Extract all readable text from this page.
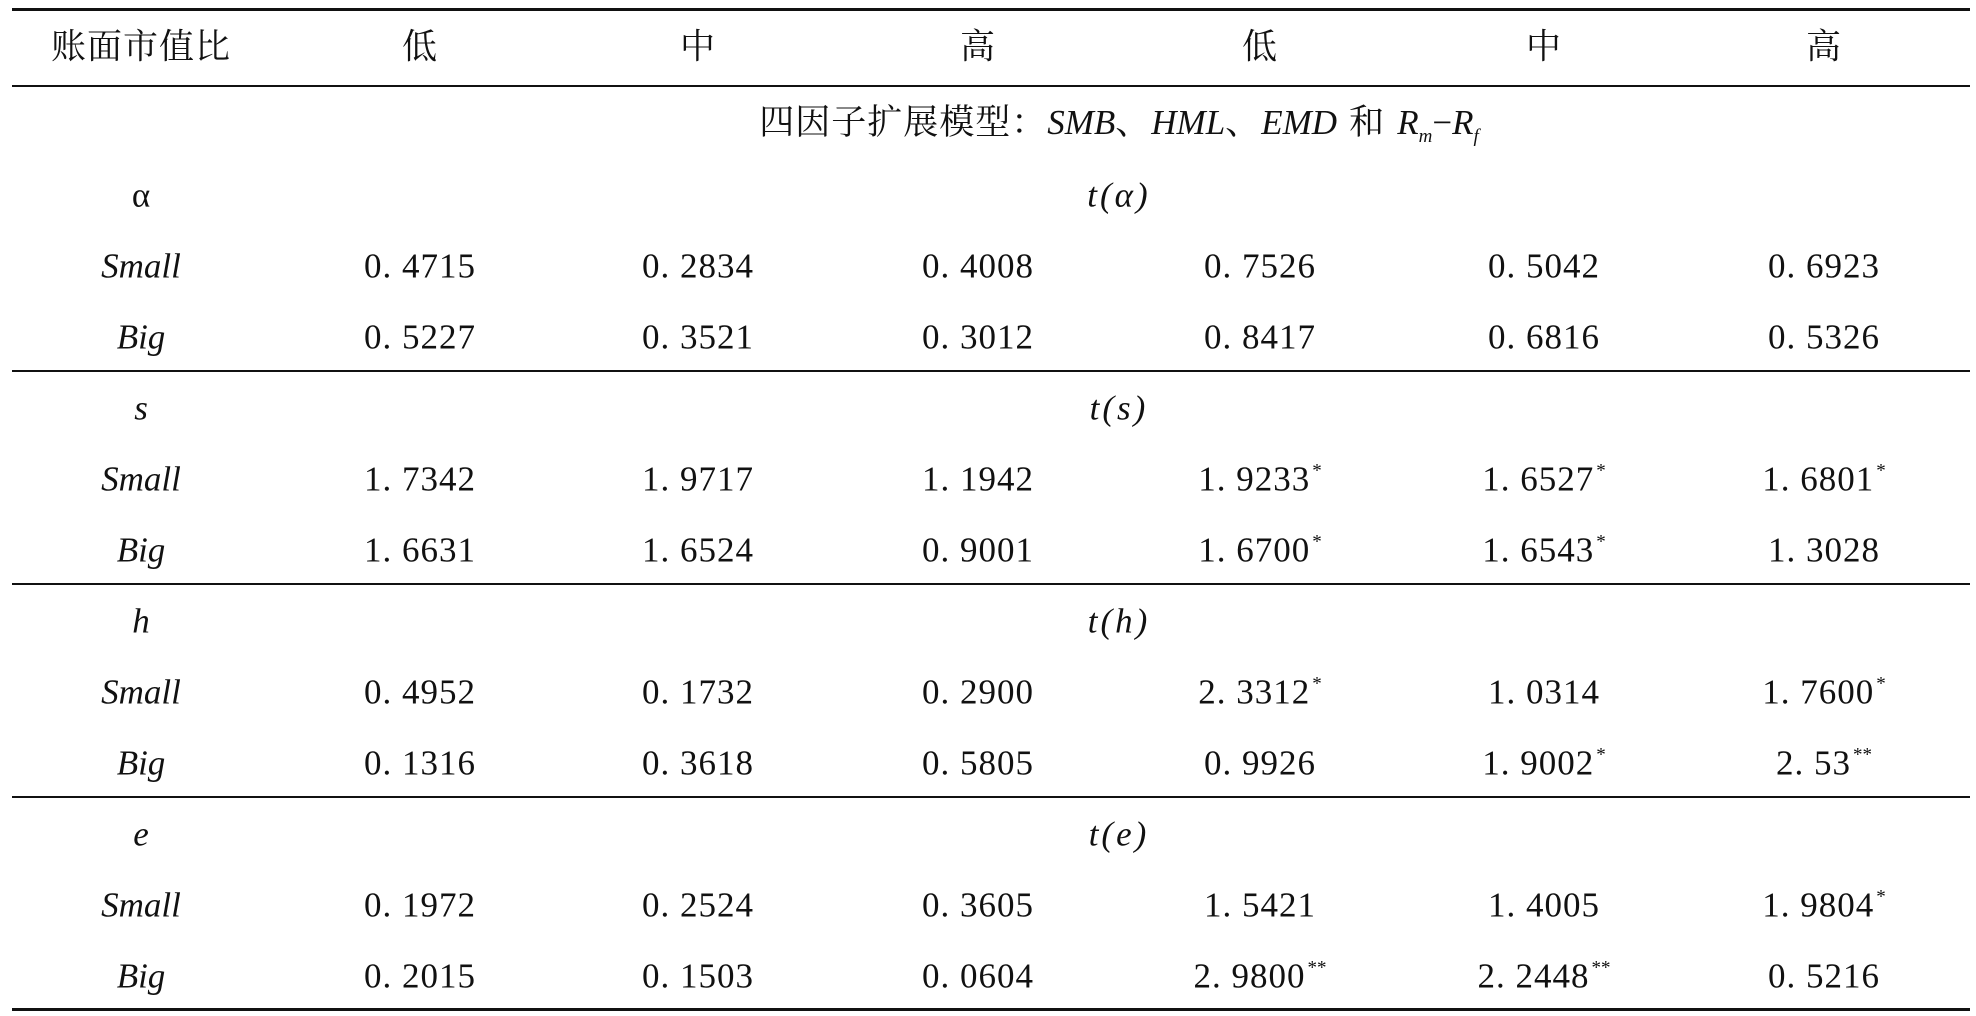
账面市值比	低	中	高	低	中	高
四因子扩展模型：SMB、HML、EMD 和 $R_m-R_f$
α	t(α)
Small	0. 4715	0. 2834	0. 4008	0. 7526	0. 5042	0. 6923
Big	0. 5227	0. 3521	0. 3012	0. 8417	0. 6816	0. 5326
s	t(s)
Small	1. 7342	1. 9717	1. 1942	1. 9233 *	1. 6527 *	1. 6801 *
Big	1. 6631	1. 6524	0. 9001	1. 6700 *	1. 6543 *	1. 3028
h	t(h)
Small	0. 4952	0. 1732	0. 2900	2. 3312 *	1. 0314	1. 7600 *
Big	0. 1316	0. 3618	0. 5805	0. 9926	1. 9002 *	2. 53 **
e	t(e)
Small	0. 1972	0. 2524	0. 3605	1. 5421	1. 4005	1. 9804 *
Big	0. 2015	0. 1503	0. 0604	2. 9800 **	2. 2448 **	0. 5216
